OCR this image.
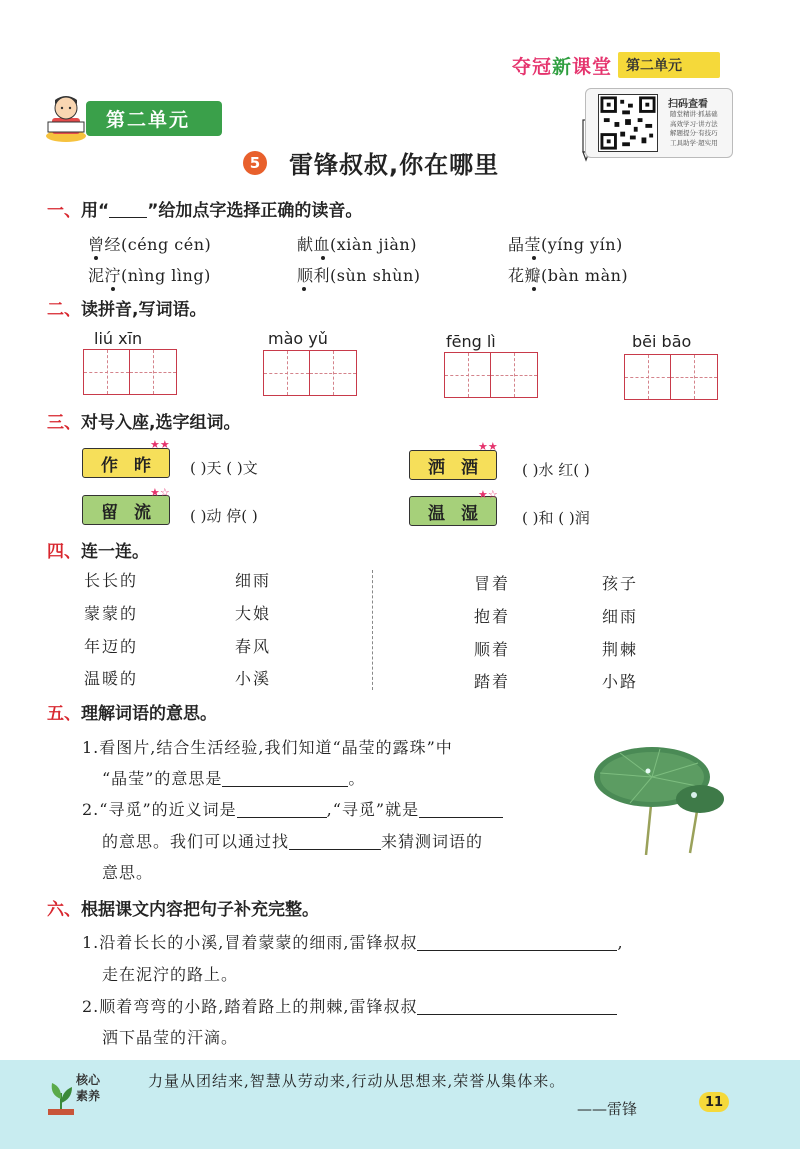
夺冠新课堂	第二单元
第二单元
扫码查看
随堂精讲·抓基础
高效学习·讲方法
解题提分·有技巧
工具助学·超实用
5 雷锋叔叔,你在哪里
一、用“ ”给加点字选择正确的读音。
曾经(céng cén)	献血(xiàn jiàn)	晶莹(yíng yín)
泥泞(nìng lìng)	顺利(sùn shùn)	花瓣(bàn màn)
二、读拼音,写词语。
liú xīn	mào yǔ	fēng lì	bēi bāo
三、对号入座,选字组词。
作 昨
★★
( )天 ( )文	洒 酒
★★
( )水 红( )
留 流
★☆
( )动 停( )	温 湿
★☆
( )和 ( )润
四、连一连。
长长的
蒙蒙的
年迈的
温暖的
细雨
大娘
春风
小溪
冒着
抱着
顺着
踏着
孩子
细雨
荆棘
小路
五、理解词语的意思。
1.看图片,结合生活经验,我们知道“晶莹的露珠”中
“晶莹”的意思是	。
2.“寻觅”的近义词是	,“寻觅”就是
的意思。我们可以通过找	来猜测词语的
意思。
六、根据课文内容把句子补充完整。
1.沿着长长的小溪,冒着蒙蒙的细雨,雷锋叔叔	,
走在泥泞的路上。
2.顺着弯弯的小路,踏着路上的荆棘,雷锋叔叔
洒下晶莹的汗滴。
核心
素养
力量从团结来,智慧从劳动来,行动从思想来,荣誉从集体来。
——雷锋	11
